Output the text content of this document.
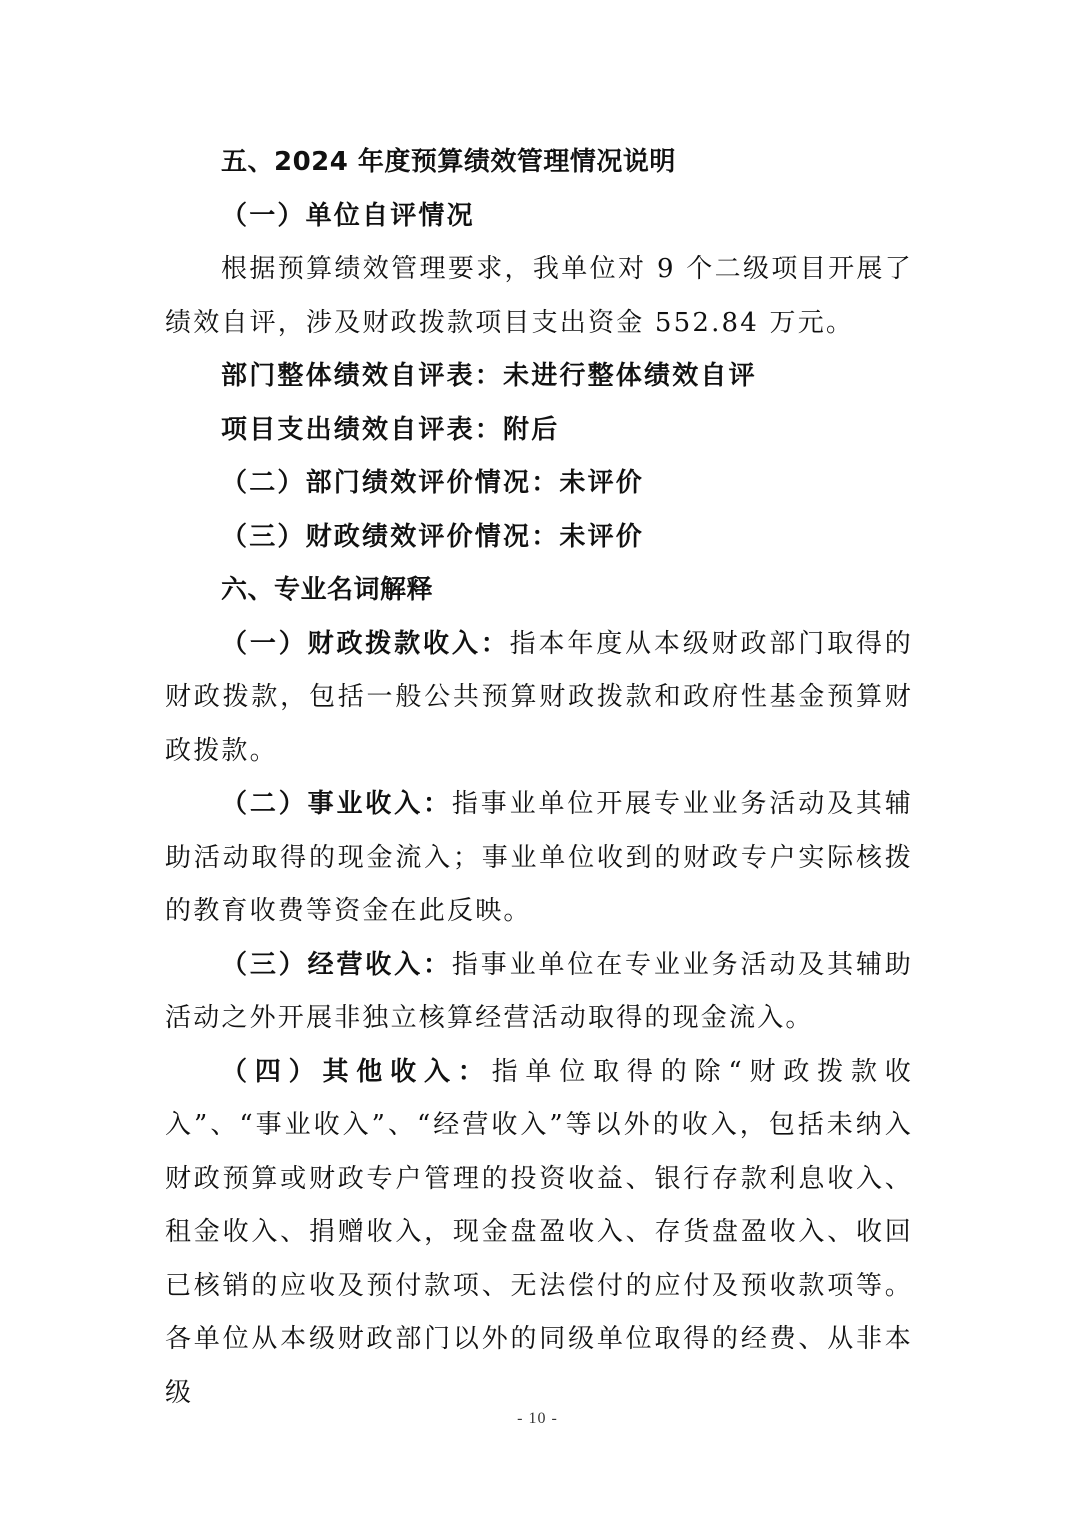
五、2024 年度预算绩效管理情况说明
（一）单位自评情况

根据预算绩效管理要求，我单位对 9 个二级项目开展了绩效自评，涉及财政拨款项目支出资金 552.84 万元。

部门整体绩效自评表：未进行整体绩效自评
项目支出绩效自评表：附后
（二）部门绩效评价情况：未评价
（三）财政绩效评价情况：未评价
六、专业名词解释

（一）财政拨款收入：指本年度从本级财政部门取得的财政拨款，包括一般公共预算财政拨款和政府性基金预算财政拨款。

（二）事业收入：指事业单位开展专业业务活动及其辅助活动取得的现金流入；事业单位收到的财政专户实际核拨的教育收费等资金在此反映。

（三）经营收入：指事业单位在专业业务活动及其辅助活动之外开展非独立核算经营活动取得的现金流入。

（四）其他收入：指单位取得的除“财政拨款收入”、“事业收入”、“经营收入”等以外的收入，包括未纳入财政预算或财政专户管理的投资收益、银行存款利息收入、租金收入、捐赠收入，现金盘盈收入、存货盘盈收入、收回已核销的应收及预付款项、无法偿付的应付及预收款项等。各单位从本级财政部门以外的同级单位取得的经费、从非本级

- 10 -
